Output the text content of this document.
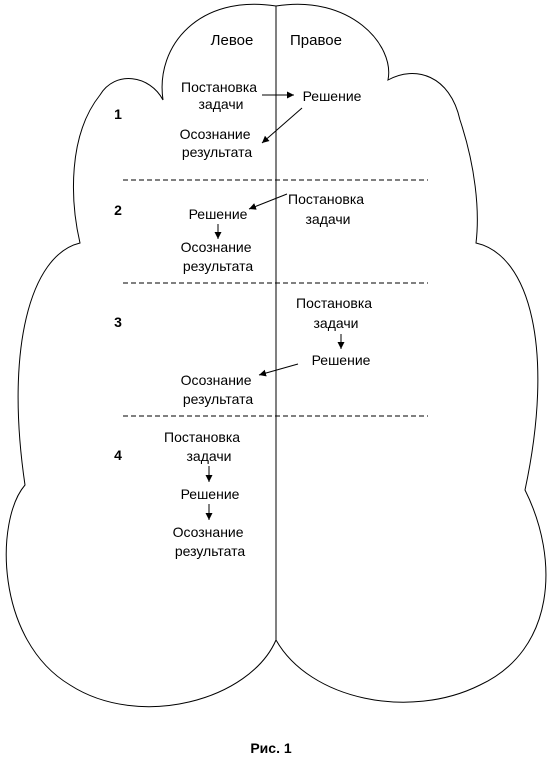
Левое Правое
1
2
3
4
Постановка задачи	Решение
Осознание результата
Постановка задачи
Решение
Осознание результата
Постановка задачи
Решение
Осознание результата
Постановка задачи
Решение
Осознание результата
Рис. 1
